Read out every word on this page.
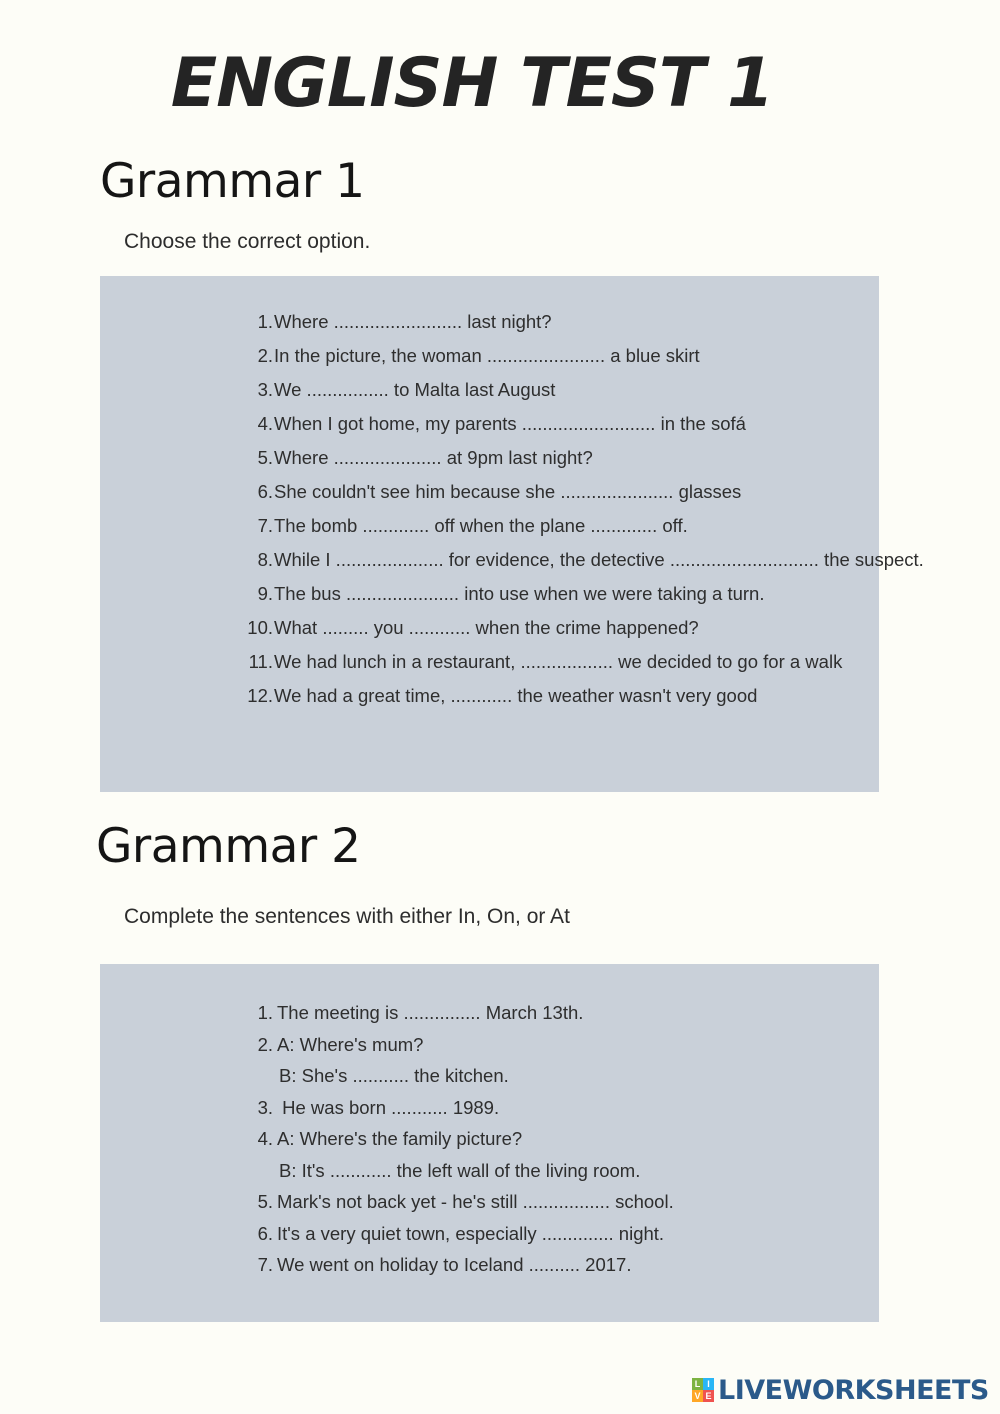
ENGLISH TEST 1
Grammar 1

Choose the correct option.

1. Where ......................... last night?
2. In the picture, the woman ....................... a blue skirt
3. We ................ to Malta last August
4. When I got home, my parents .......................... in the sofá
5. Where ..................... at 9pm last night?
6. She couldn't see him because she ...................... glasses
7. The bomb ............. off when the plane ............. off.
8. While I ..................... for evidence, the detective ............................. the suspect.
9. The bus ...................... into use when we were taking a turn.
10. What ......... you ............ when the crime happened?
11. We had lunch in a restaurant, .................. we decided to go for a walk
12. We had a great time, ............ the weather wasn't very good
Grammar 2

Complete the sentences with either In, On, or At

1. The meeting is ............... March 13th.
2. A: Where's mum?
B: She's ........... the kitchen.
3. He was born ........... 1989.
4. A: Where's the family picture?
B: It's ............ the left wall of the living room.
5. Mark's not back yet - he's still ................. school.
6. It's a very quiet town, especially .............. night.
7. We went on holiday to Iceland .......... 2017.
L I
V E LIVEWORKSHEETS
